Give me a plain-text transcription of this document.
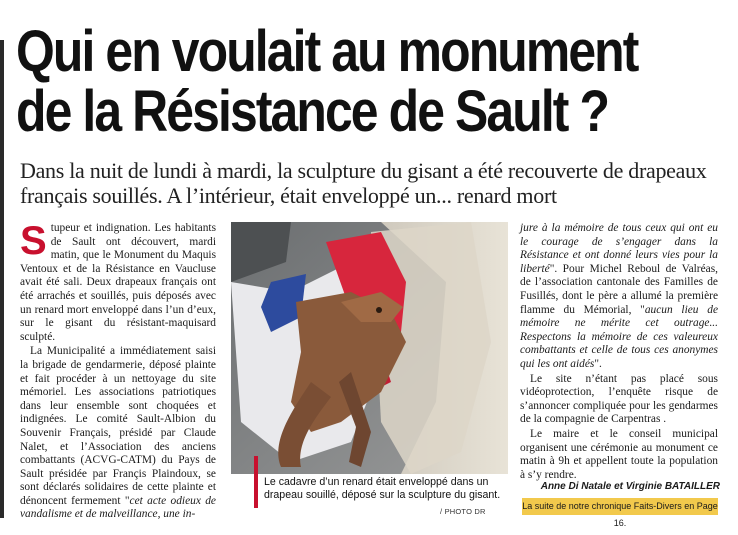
Qui en voulait au monument
de la Résistance de Sault ?

Dans la nuit de lundi à mardi, la sculpture du gisant a été recouverte de drapeaux français souillés. A l’intérieur, était enveloppé un... renard mort

Stupeur et indignation. Les habitants de Sault ont découvert, mardi matin, que le Monument du Maquis Ventoux et de la Résistance en Vaucluse avait été sali. Deux drapeaux français ont été arrachés et souillés, puis déposés avec un renard mort enveloppé dans l’un d’eux, sur le gisant du résistant-maquisard sculpté.

La Municipalité a immédiatement saisi la brigade de gendarmerie, déposé plainte et fait procéder à un nettoyage du site mémoriel. Les associations patriotiques dans leur ensemble sont choquées et indignées. Le comité Sault-Albion du Souvenir Français, présidé par Claude Nalet, et l’Association des anciens combattants (ACVG-CATM) du Pays de Sault présidée par Françis Plaindoux, se sont déclarés solidaires de cette plainte et dénoncent fermement "cet acte odieux de vandalisme et de malveillance, une in-

Le cadavre d’un renard était enveloppé dans un drapeau souillé, déposé sur la sculpture du gisant.

/ PHOTO DR

jure à la mémoire de tous ceux qui ont eu le courage de s’engager dans la Résistance et ont donné leurs vies pour la liberté". Pour Michel Reboul de Valréas, de l’association cantonale des Familles de Fusillés, dont le père a allumé la première flamme du Mémorial, "aucun lieu de mémoire ne mérite cet outrage... Respectons la mémoire de ces valeureux combattants et celle de tous ces anonymes qui les ont aidés".

Le site n’étant pas placé sous vidéoprotection, l’enquête risque de s’annoncer compliquée pour les gendarmes de la compagnie de Carpentras .

Le maire et le conseil municipal organisent une cérémonie au monument ce matin à 9h et appellent toute la population à s’y rendre.

Anne Di Natale et Virginie BATAILLER

La suite de notre chronique Faits-Divers en Page 16.
